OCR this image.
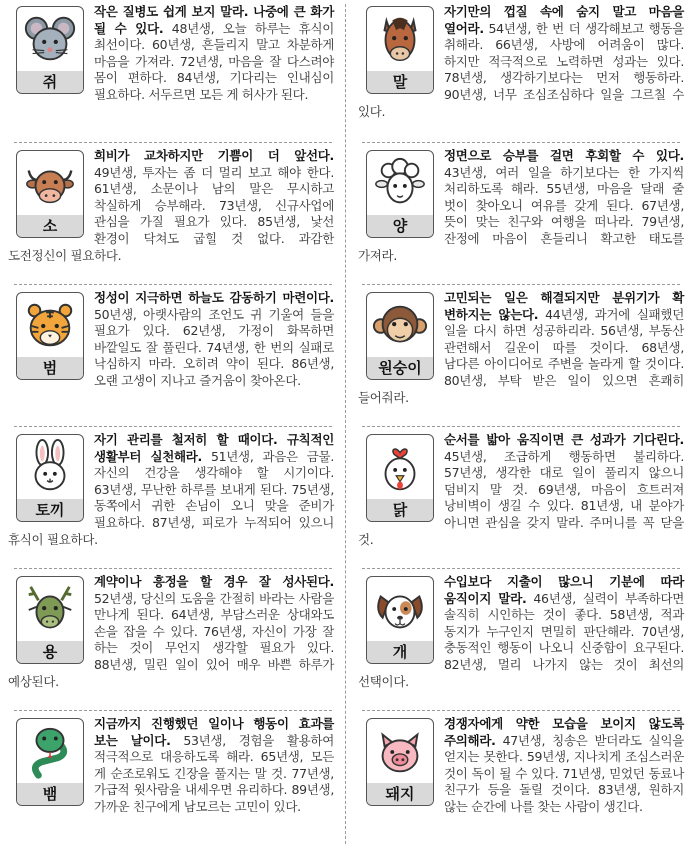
쥐
작은 질병도 쉽게 보지 말라. 나중에 큰 화가 될 수 있다. 48년생, 오늘 하루는 휴식이 최선이다. 60년생, 흔들리지 말고 차분하게 마음을 가져라. 72년생, 마음을 잘 다스려야 몸이 편하다. 84년생, 기다리는 인내심이 필요하다. 서두르면 모든 게 허사가 된다.
말
자기만의 껍질 속에 숨지 말고 마음을 열어라. 54년생, 한 번 더 생각해보고 행동을 취해라. 66년생, 사방에 어려움이 많다. 하지만 적극적으로 노력하면 성과는 있다. 78년생, 생각하기보다는 먼저 행동하라. 90년생, 너무 조심조심하다 일을 그르칠 수 있다.
소
희비가 교차하지만 기쁨이 더 앞선다. 49년생, 투자는 좀 더 멀리 보고 해야 한다. 61년생, 소문이나 남의 말은 무시하고 착실하게 승부해라. 73년생, 신규사업에 관심을 가질 필요가 있다. 85년생, 낯선 환경이 닥쳐도 굽힐 것 없다. 과감한 도전정신이 필요하다.
양
정면으로 승부를 걸면 후회할 수 있다. 43년생, 여러 일을 하기보다는 한 가지씩 처리하도록 해라. 55년생, 마음을 달래 줄 벗이 찾아오니 여유를 갖게 된다. 67년생, 뜻이 맞는 친구와 여행을 떠나라. 79년생, 잔정에 마음이 흔들리니 확고한 태도를 가져라.
범
정성이 지극하면 하늘도 감동하기 마련이다. 50년생, 아랫사람의 조언도 귀 기울여 들을 필요가 있다. 62년생, 가정이 화목하면 바깥일도 잘 풀린다. 74년생, 한 번의 실패로 낙심하지 마라. 오히려 약이 된다. 86년생, 오랜 고생이 지나고 즐거움이 찾아온다.
원숭이
고민되는 일은 해결되지만 분위기가 확 변하지는 않는다. 44년생, 과거에 실패했던 일을 다시 하면 성공하리라. 56년생, 부동산 관련해서 길운이 따를 것이다. 68년생, 남다른 아이디어로 주변을 놀라게 할 것이다. 80년생, 부탁 받은 일이 있으면 흔쾌히 들어줘라.
토끼
자기 관리를 철저히 할 때이다. 규칙적인 생활부터 실천해라. 51년생, 과음은 금물. 자신의 건강을 생각해야 할 시기이다. 63년생, 무난한 하루를 보내게 된다. 75년생, 동쪽에서 귀한 손님이 오니 맞을 준비가 필요하다. 87년생, 피로가 누적되어 있으니 휴식이 필요하다.
닭
순서를 밟아 움직이면 큰 성과가 기다린다. 45년생, 조급하게 행동하면 불리하다. 57년생, 생각한 대로 일이 풀리지 않으니 덤비지 말 것. 69년생, 마음이 흐트러져 낭비벽이 생길 수 있다. 81년생, 내 분야가 아니면 관심을 갖지 말라. 주머니를 꼭 닫을 것.
용
계약이나 흥정을 할 경우 잘 성사된다. 52년생, 당신의 도움을 간절히 바라는 사람을 만나게 된다. 64년생, 부담스러운 상대와도 손을 잡을 수 있다. 76년생, 자신이 가장 잘 하는 것이 무언지 생각할 필요가 있다. 88년생, 밀린 일이 있어 매우 바쁜 하루가 예상된다.
개
수입보다 지출이 많으니 기분에 따라 움직이지 말라. 46년생, 실력이 부족하다면 솔직히 시인하는 것이 좋다. 58년생, 적과 동지가 누구인지 면밀히 판단해라. 70년생, 충동적인 행동이 나오니 신중함이 요구된다. 82년생, 멀리 나가지 않는 것이 최선의 선택이다.
뱀
지금까지 진행했던 일이나 행동이 효과를 보는 날이다. 53년생, 경험을 활용하여 적극적으로 대응하도록 해라. 65년생, 모든 게 순조로워도 긴장을 풀지는 말 것. 77년생, 가급적 윗사람을 내세우면 유리하다. 89년생, 가까운 친구에게 남모르는 고민이 있다.
돼지
경쟁자에게 약한 모습을 보이지 않도록 주의해라. 47년생, 칭송은 받더라도 실익을 얻지는 못한다. 59년생, 지나치게 조심스러운 것이 독이 될 수 있다. 71년생, 믿었던 동료나 친구가 등을 돌릴 것이다. 83년생, 원하지 않는 순간에 나를 찾는 사람이 생긴다.
